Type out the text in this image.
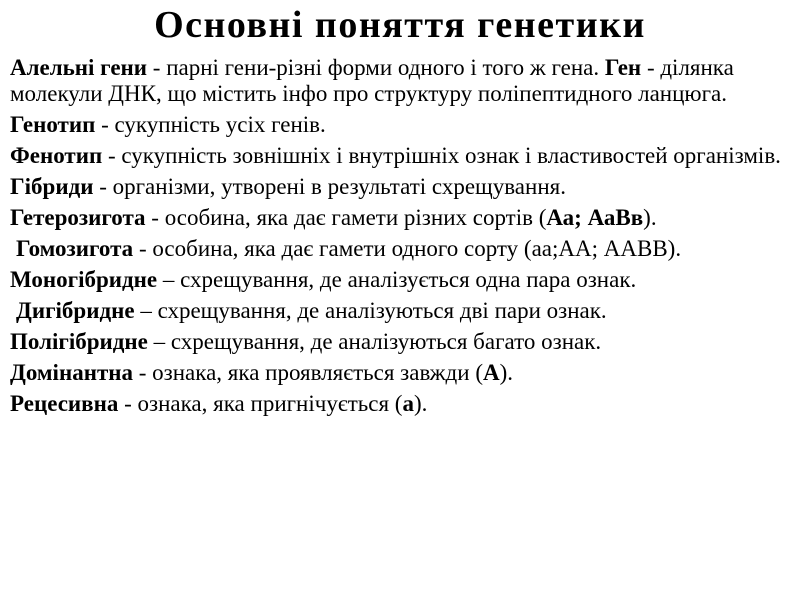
Основні поняття генетики

Алельні гени - парні гени-різні форми одного і того ж гена. Ген - ділянка молекули ДНК, що містить інфо про структуру поліпептидного ланцюга.

Генотип - сукупність усіх генів.

Фенотип - сукупність зовнішніх і внутрішніх ознак і властивостей організмів.

Гібриди - організми, утворені в результаті схрещування.

Гетерозигота - особина, яка дає гамети різних сортів (Аа; АаВв).

Гомозигота - особина, яка дає гамети одного сорту (аа;АА; ААВВ).

Моногібридне – схрещування, де аналізується одна пара ознак.

Дигібридне – схрещування, де аналізуються дві пари ознак.

Полігібридне – схрещування, де аналізуються багато ознак.

Домінантна - ознака, яка проявляється завжди (А).

Рецесивна - ознака, яка пригнічується (а).
